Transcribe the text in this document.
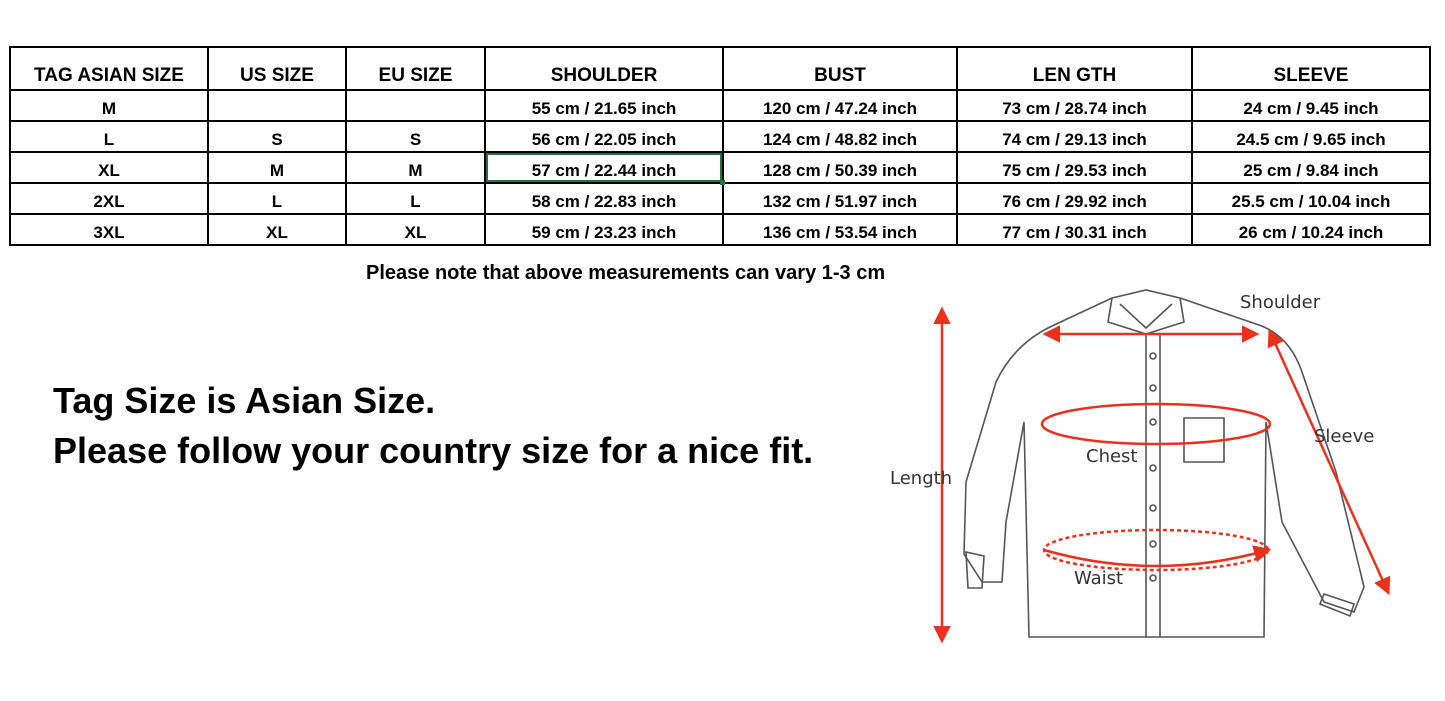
TAG ASIAN SIZE	US SIZE	EU SIZE	SHOULDER	BUST	LEN GTH	SLEEVE
M			55 cm / 21.65 inch	120 cm / 47.24 inch	73 cm / 28.74 inch	24 cm / 9.45 inch
L	S	S	56 cm / 22.05 inch	124 cm / 48.82 inch	74 cm / 29.13 inch	24.5 cm / 9.65 inch
XL	M	M	57 cm / 22.44 inch	128 cm / 50.39 inch	75 cm / 29.53 inch	25 cm / 9.84 inch
2XL	L	L	58 cm / 22.83 inch	132 cm / 51.97 inch	76 cm / 29.92 inch	25.5 cm / 10.04 inch
3XL	XL	XL	59 cm / 23.23 inch	136 cm / 53.54 inch	77 cm / 30.31 inch	26 cm / 10.24 inch
Please note that above measurements can vary 1-3 cm
Tag Size is Asian Size.
Please follow your country size for a nice fit.
Shoulder
Sleeve
Chest
Waist
Length
